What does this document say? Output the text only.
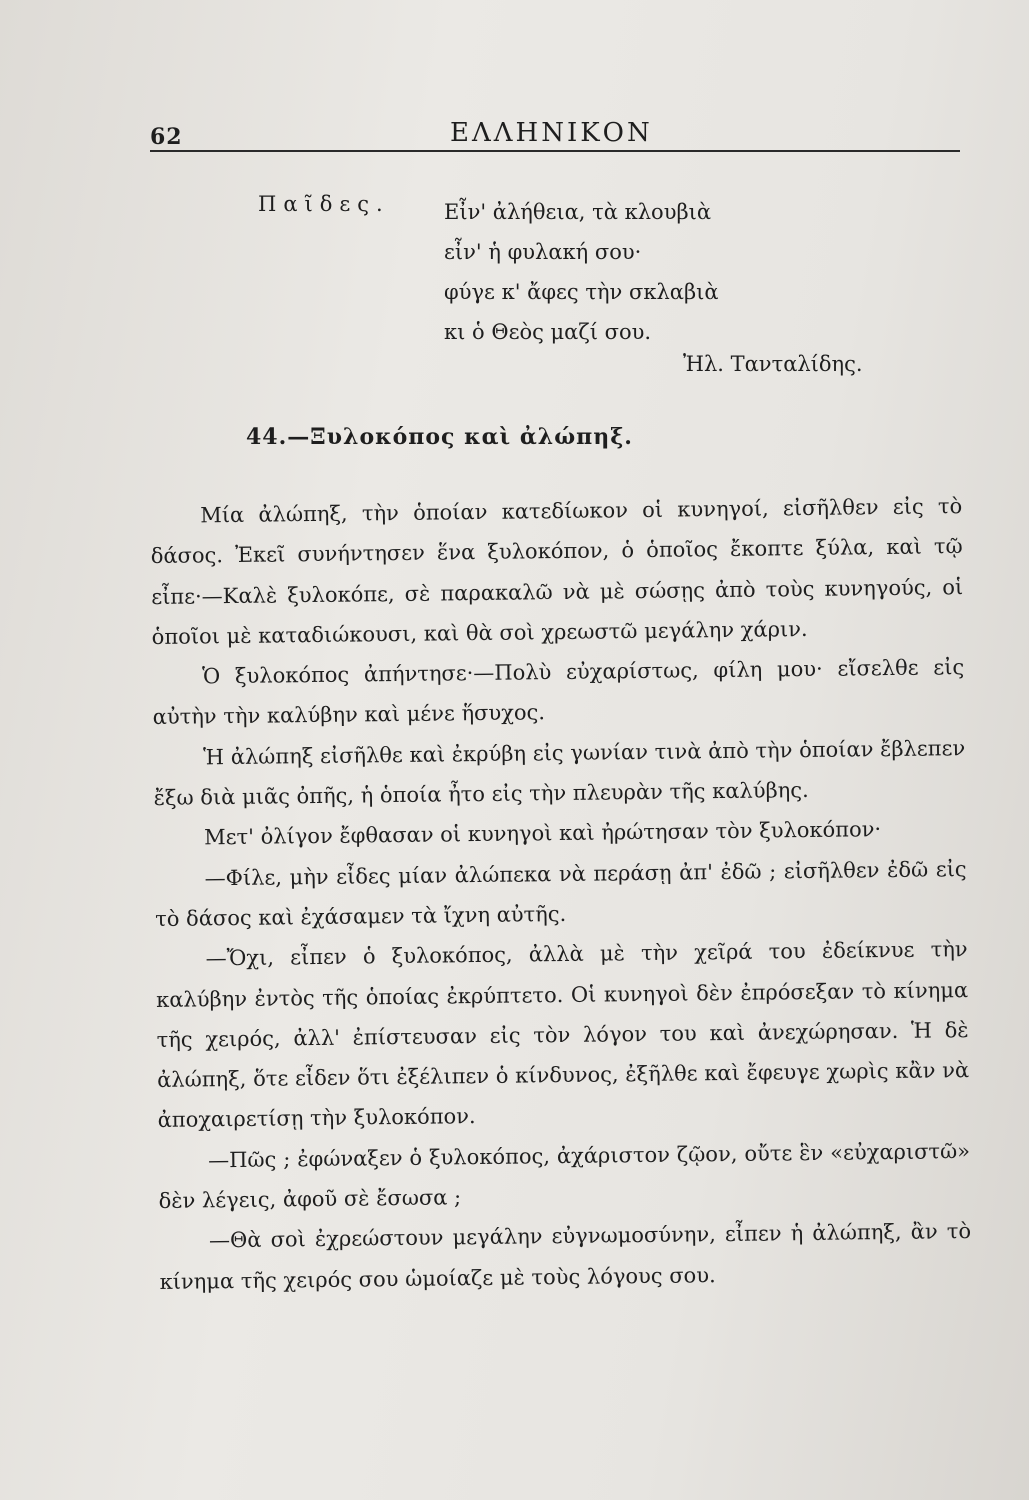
62	ΕΛΛΗΝΙΚΟΝ
Παῖδες.	Εἶν' ἀλήθεια, τὰ κλουβιὰ
εἶν' ἡ φυλακή σου·
φύγε κ' ἄφες τὴν σκλαβιὰ
κι ὁ Θεὸς μαζί σου.
Ἠλ. Τανταλίδης.
44.—Ξυλοκόπος καὶ ἀλώπηξ.

Μία ἀλώπηξ, τὴν ὁποίαν κατεδίωκον οἱ κυνηγοί, εἰσῆλθεν εἰς τὸ δάσος. Ἐκεῖ συνήντησεν ἕνα ξυλοκόπον, ὁ ὁποῖος ἔκοπτε ξύλα, καὶ τῷ εἶπε·—Καλὲ ξυλοκόπε, σὲ παρακαλῶ νὰ μὲ σώσῃς ἀπὸ τοὺς κυνηγούς, οἱ ὁποῖοι μὲ καταδιώκουσι, καὶ θὰ σοὶ χρεωστῶ μεγάλην χάριν.

Ὁ ξυλοκόπος ἀπήντησε·—Πολὺ εὐχαρίστως, φίλη μου· εἴσελθε εἰς αὐτὴν τὴν καλύβην καὶ μένε ἥσυχος.

Ἡ ἀλώπηξ εἰσῆλθε καὶ ἐκρύβη εἰς γωνίαν τινὰ ἀπὸ τὴν ὁποίαν ἔβλεπεν ἔξω διὰ μιᾶς ὀπῆς, ἡ ὁποία ἦτο εἰς τὴν πλευρὰν τῆς καλύβης.

Μετ' ὀλίγον ἔφθασαν οἱ κυνηγοὶ καὶ ἠρώτησαν τὸν ξυλοκόπον·

—Φίλε, μὴν εἶδες μίαν ἀλώπεκα νὰ περάσῃ ἀπ' ἐδῶ ; εἰσῆλθεν ἐδῶ εἰς τὸ δάσος καὶ ἐχάσαμεν τὰ ἴχνη αὐτῆς.

—Ὄχι, εἶπεν ὁ ξυλοκόπος, ἀλλὰ μὲ τὴν χεῖρά του ἐδείκνυε τὴν καλύβην ἐντὸς τῆς ὁποίας ἐκρύπτετο. Οἱ κυνηγοὶ δὲν ἐπρόσεξαν τὸ κίνημα τῆς χειρός, ἀλλ' ἐπίστευσαν εἰς τὸν λόγον του καὶ ἀνεχώρησαν. Ἡ δὲ ἀλώπηξ, ὅτε εἶδεν ὅτι ἐξέλιπεν ὁ κίνδυνος, ἐξῆλθε καὶ ἔφευγε χωρὶς κἂν νὰ ἀποχαιρετίσῃ τὴν ξυλοκόπον.

—Πῶς ; ἐφώναξεν ὁ ξυλοκόπος, ἀχάριστον ζῷον, οὔτε ἓν «εὐχαριστῶ» δὲν λέγεις, ἀφοῦ σὲ ἔσωσα ;

—Θὰ σοὶ ἐχρεώστουν μεγάλην εὐγνωμοσύνην, εἶπεν ἡ ἀλώπηξ, ἂν τὸ κίνημα τῆς χειρός σου ὡμοίαζε μὲ τοὺς λόγους σου.
